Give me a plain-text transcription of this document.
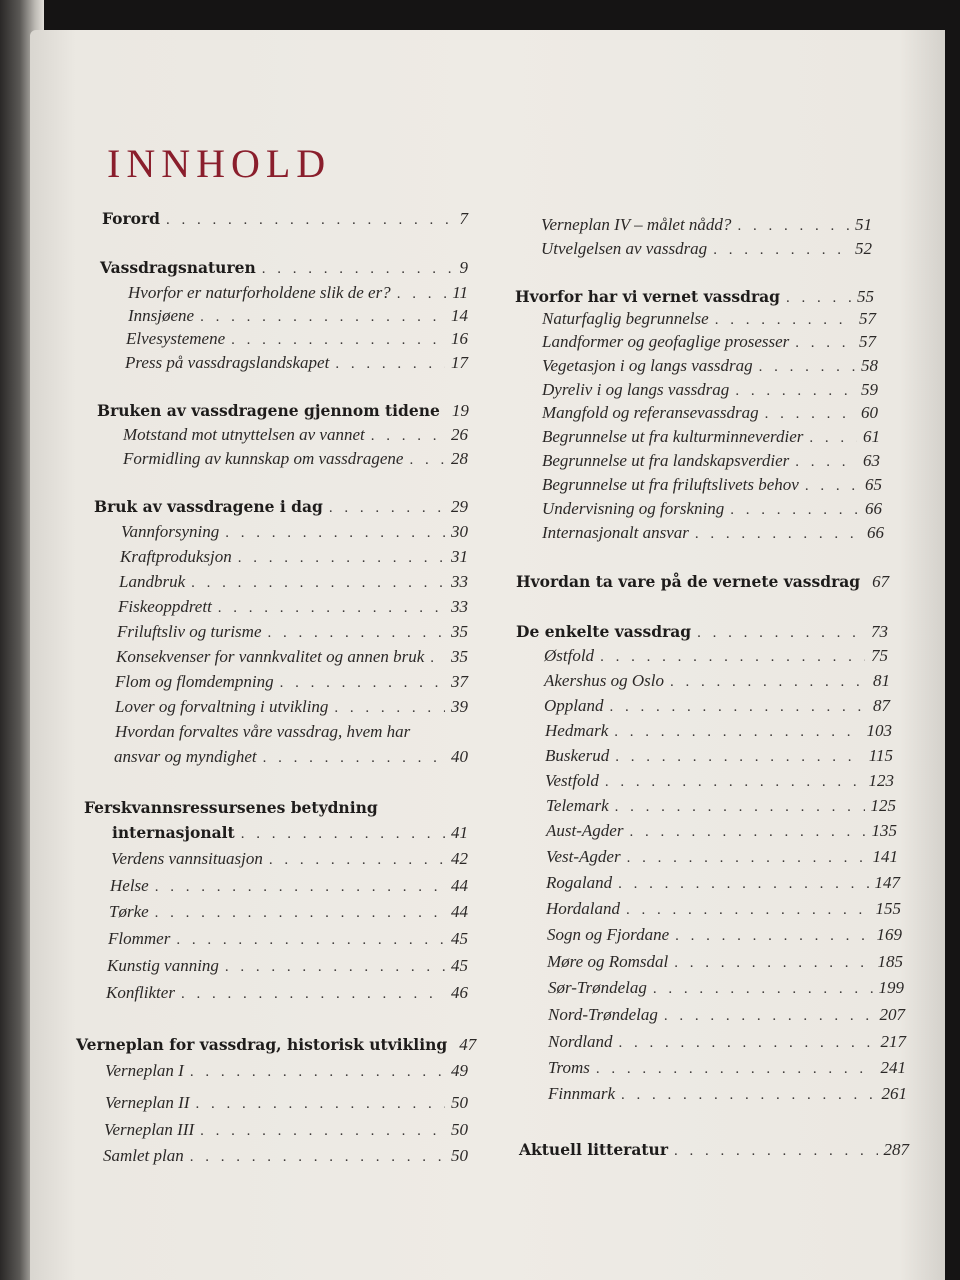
INNHOLD
Forord . . .	7
Vassdragsnaturen . . .	9
Hvorfor er naturforholdene slik de er? . . .	11
Innsjøene . . .	14
Elvesystemene . . .	16
Press på vassdragslandskapet . . .	17
Bruken av vassdragene gjennom tidene 19
Motstand mot utnyttelsen av vannet . . .	26
Formidling av kunnskap om vassdragene . . .	28
Bruk av vassdragene i dag . . .	29
Vannforsyning . . .	30
Kraftproduksjon . . .	31
Landbruk . . .	33
Fiskeoppdrett . . .	33
Friluftsliv og turisme . . .	35
Konsekvenser for vannkvalitet og annen bruk . . . 35
Flom og flomdempning . . .	37
Lover og forvaltning i utvikling . . .	39
Hvordan forvaltes våre vassdrag, hvem har
ansvar og myndighet . . .	40
Ferskvannsressursenes betydning
internasjonalt . . .	41
Verdens vannsituasjon . . .	42
Helse . . .	44
Tørke . . .	44
Flommer . . .	45
Kunstig vanning . . .	45
Konflikter . . .	46
Verneplan for vassdrag, historisk utvikling 47
Verneplan I . . .	49
Verneplan II . . .	50
Verneplan III . . .	50
Samlet plan . . .	50
Verneplan IV – målet nådd? . . .	51
Utvelgelsen av vassdrag . . .	52
Hvorfor har vi vernet vassdrag . . .	55
Naturfaglig begrunnelse . . .	57
Landformer og geofaglige prosesser . . .	57
Vegetasjon i og langs vassdrag . . .	58
Dyreliv i og langs vassdrag . . .	59
Mangfold og referansevassdrag . . .	60
Begrunnelse ut fra kulturminneverdier . . .	61
Begrunnelse ut fra landskapsverdier . . .	63
Begrunnelse ut fra friluftslivets behov . . .	65
Undervisning og forskning . . .	66
Internasjonalt ansvar . . .	66
Hvordan ta vare på de vernete vassdrag 67
De enkelte vassdrag . . .	73
Østfold . . .	75
Akershus og Oslo . . .	81
Oppland . . .	87
Hedmark . . .	103
Buskerud . . .	115
Vestfold . . .	123
Telemark . . .	125
Aust-Agder . . .	135
Vest-Agder . . .	141
Rogaland . . .	147
Hordaland . . .	155
Sogn og Fjordane . . .	169
Møre og Romsdal . . .	185
Sør-Trøndelag . . .	199
Nord-Trøndelag . . .	207
Nordland . . .	217
Troms . . .	241
Finnmark . . .	261
Aktuell litteratur . . .	287
